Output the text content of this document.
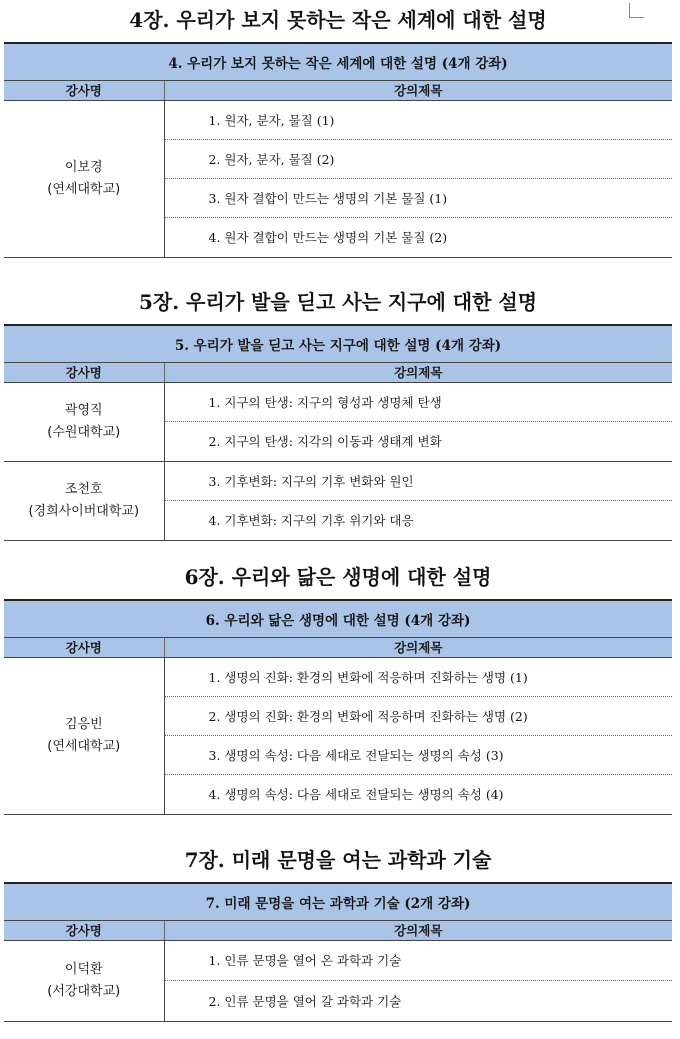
4장. 우리가 보지 못하는 작은 세계에 대한 설명
4. 우리가 보지 못하는 작은 세계에 대한 설명 (4개 강좌)	
강사명	강의제목

이보경
(연세대학교)	1. 원자, 분자, 물질 (1)
	2. 원자, 분자, 물질 (2)
	3. 원자 결합이 만드는 생명의 기본 물질 (1)
	4. 원자 결합이 만드는 생명의 기본 물질 (2)
5장. 우리가 발을 딛고 사는 지구에 대한 설명
5. 우리가 발을 딛고 사는 지구에 대한 설명 (4개 강좌)	
강사명	강의제목

곽영직
(수원대학교)	1. 지구의 탄생: 지구의 형성과 생명체 탄생
	2. 지구의 탄생: 지각의 이동과 생태계 변화

조천호
(경희사이버대학교)	3. 기후변화: 지구의 기후 변화와 원인
	4. 기후변화: 지구의 기후 위기와 대응
6장. 우리와 닮은 생명에 대한 설명
6. 우리와 닮은 생명에 대한 설명 (4개 강좌)	
강사명	강의제목

김응빈
(연세대학교)	1. 생명의 진화: 환경의 변화에 적응하며 진화하는 생명 (1)
	2. 생명의 진화: 환경의 변화에 적응하며 진화하는 생명 (2)
	3. 생명의 속성: 다음 세대로 전달되는 생명의 속성 (3)
	4. 생명의 속성: 다음 세대로 전달되는 생명의 속성 (4)
7장. 미래 문명을 여는 과학과 기술
7. 미래 문명을 여는 과학과 기술 (2개 강좌)	
강사명	강의제목

이덕환
(서강대학교)	1. 인류 문명을 열어 온 과학과 기술
	2. 인류 문명을 열어 갈 과학과 기술
